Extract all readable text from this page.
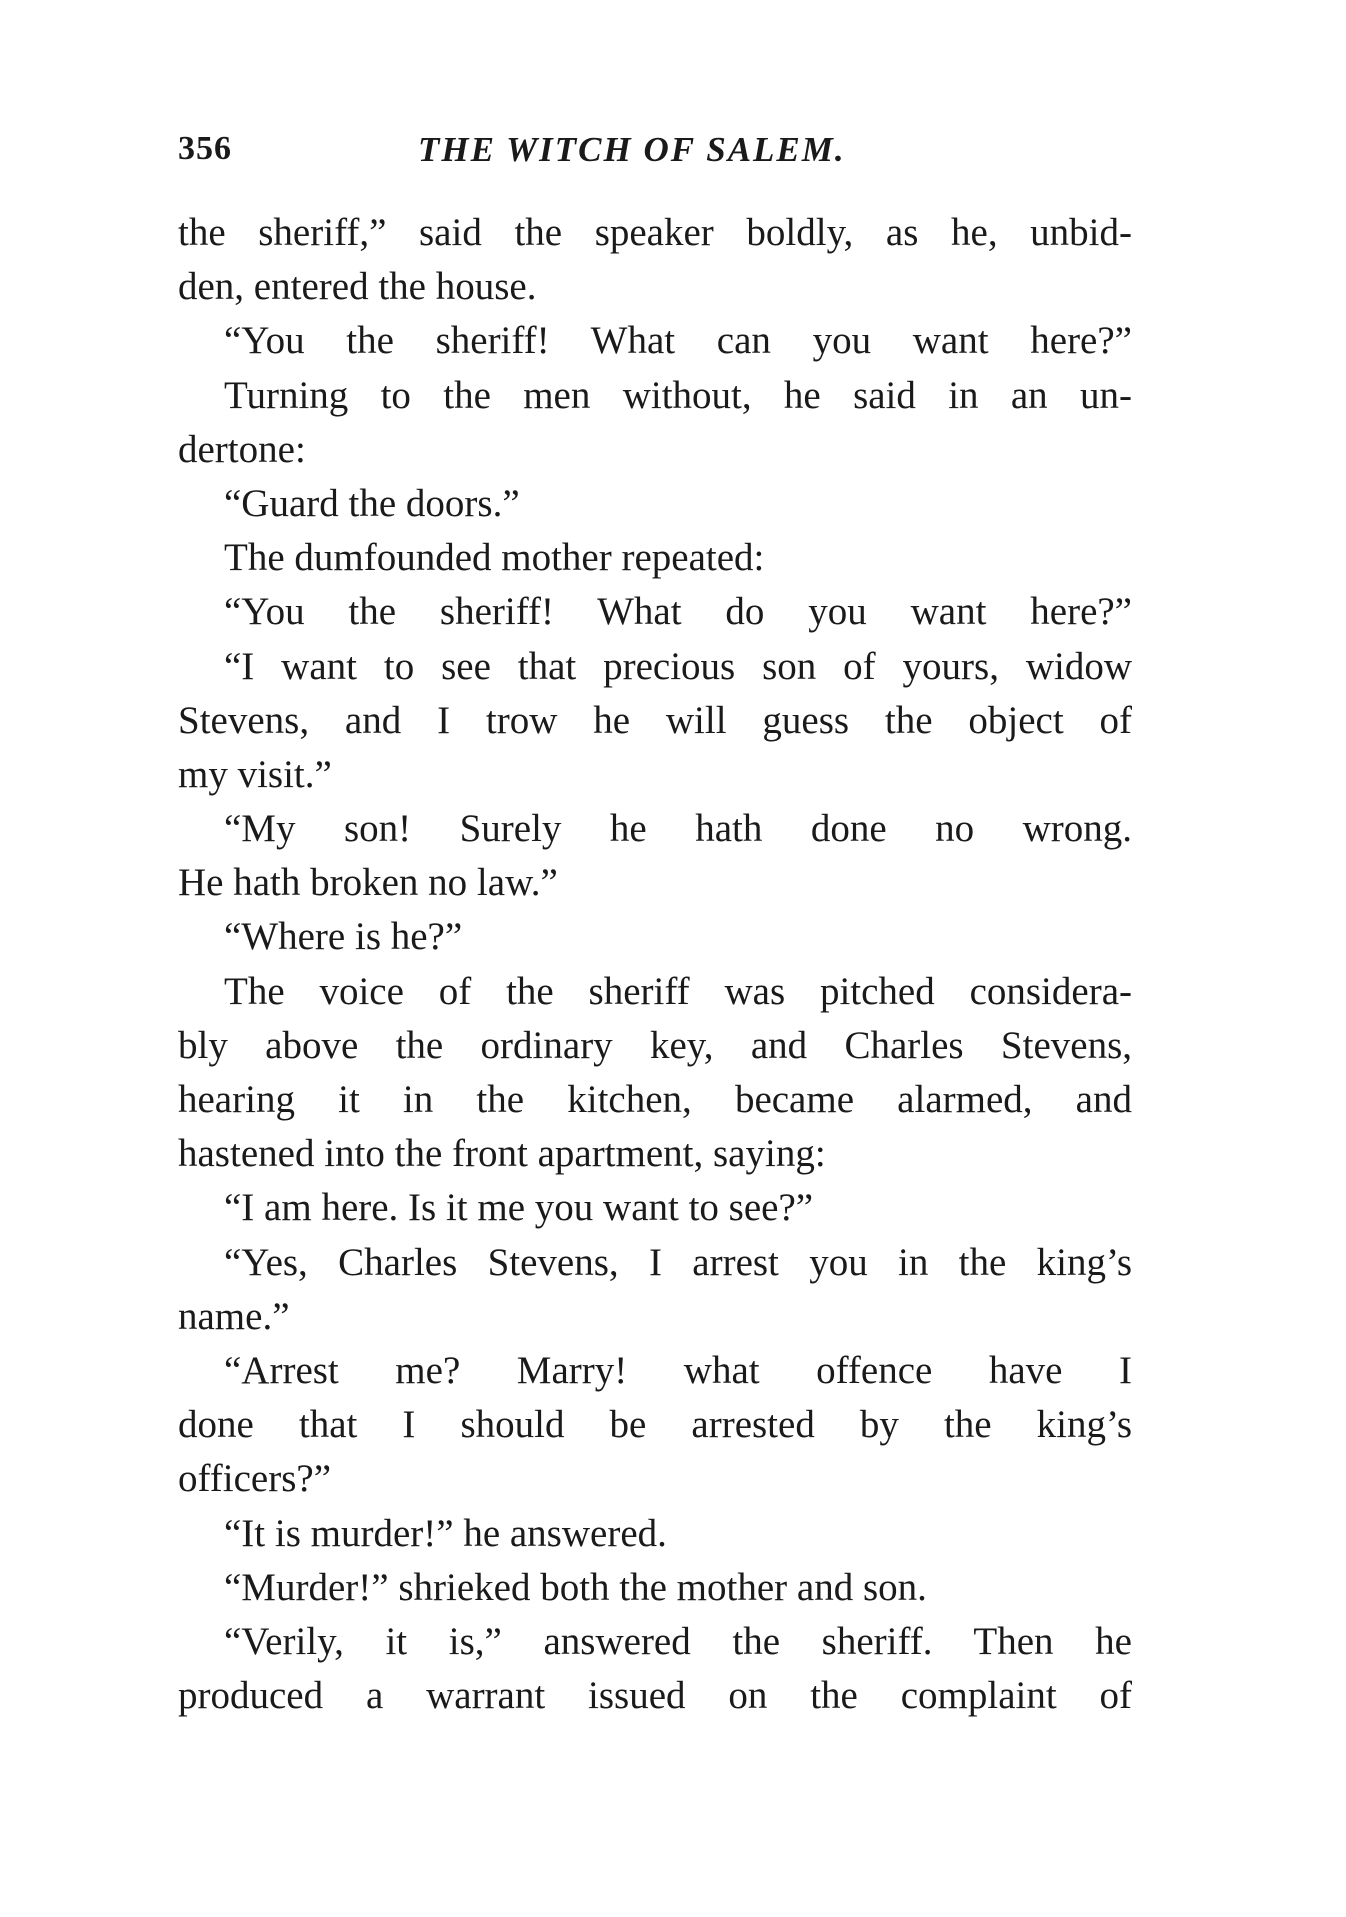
356	THE WITCH OF SALEM.
the sheriff,” said the speaker boldly, as he, unbid-
den, entered the house.
“You the sheriff! What can you want here?”
Turning to the men without, he said in an un-
dertone:
“Guard the doors.”
The dumfounded mother repeated:
“You the sheriff! What do you want here?”
“I want to see that precious son of yours, widow
Stevens, and I trow he will guess the object of
my visit.”
“My son! Surely he hath done no wrong.
He hath broken no law.”
“Where is he?”
The voice of the sheriff was pitched considera-
bly above the ordinary key, and Charles Stevens,
hearing it in the kitchen, became alarmed, and
hastened into the front apartment, saying:
“I am here. Is it me you want to see?”
“Yes, Charles Stevens, I arrest you in the king’s
name.”
“Arrest me? Marry! what offence have I
done that I should be arrested by the king’s
officers?”
“It is murder!” he answered.
“Murder!” shrieked both the mother and son.
“Verily, it is,” answered the sheriff. Then he
produced a warrant issued on the complaint of
